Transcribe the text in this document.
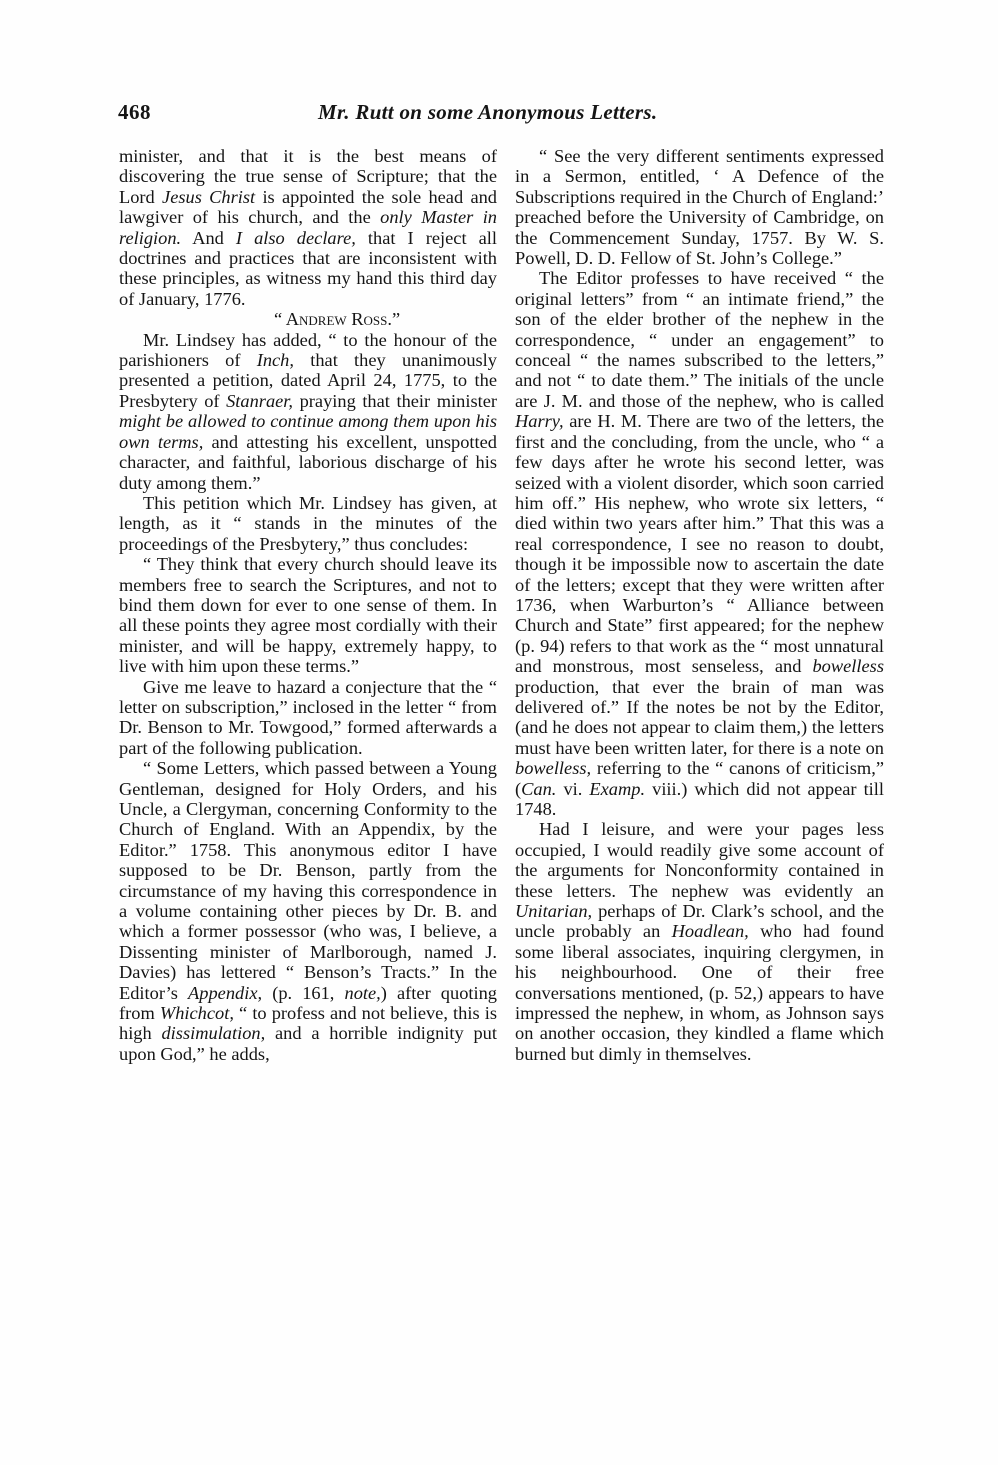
468	Mr. Rutt on some Anonymous Letters.

minister, and that it is the best means of discovering the true sense of Scripture; that the Lord Jesus Christ is appointed the sole head and lawgiver of his church, and the only Master in religion. And I also declare, that I reject all doctrines and practices that are inconsistent with these principles, as witness my hand this third day of January, 1776.

“ Andrew Ross.”

Mr. Lindsey has added, “ to the honour of the parishioners of Inch, that they unanimously presented a petition, dated April 24, 1775, to the Presbytery of Stanraer, praying that their minister might be allowed to continue among them upon his own terms, and attesting his excellent, unspotted character, and faithful, laborious discharge of his duty among them.”

This petition which Mr. Lindsey has given, at length, as it “ stands in the minutes of the proceedings of the Presbytery,” thus concludes:

“ They think that every church should leave its members free to search the Scriptures, and not to bind them down for ever to one sense of them. In all these points they agree most cordially with their minister, and will be happy, extremely happy, to live with him upon these terms.”

Give me leave to hazard a conjecture that the “ letter on subscription,” inclosed in the letter “ from Dr. Benson to Mr. Towgood,” formed afterwards a part of the following publication.

“ Some Letters, which passed between a Young Gentleman, designed for Holy Orders, and his Uncle, a Clergyman, concerning Conformity to the Church of England. With an Appendix, by the Editor.” 1758. This anonymous editor I have supposed to be Dr. Benson, partly from the circumstance of my having this correspondence in a volume containing other pieces by Dr. B. and which a former possessor (who was, I believe, a Dissenting minister of Marlborough, named J. Davies) has lettered “ Benson’s Tracts.” In the Editor’s Appendix, (p. 161, note,) after quoting from Whichcot, “ to profess and not believe, this is high dissimulation, and a horrible indignity put upon God,” he adds,

“ See the very different sentiments expressed in a Sermon, entitled, ‘ A Defence of the Subscriptions required in the Church of England:’ preached before the University of Cambridge, on the Commencement Sunday, 1757. By W. S. Powell, D. D. Fellow of St. John’s College.”

The Editor professes to have received “ the original letters” from “ an intimate friend,” the son of the elder brother of the nephew in the correspondence, “ under an engagement” to conceal “ the names subscribed to the letters,” and not “ to date them.” The initials of the uncle are J. M. and those of the nephew, who is called Harry, are H. M. There are two of the letters, the first and the concluding, from the uncle, who “ a few days after he wrote his second letter, was seized with a violent disorder, which soon carried him off.” His nephew, who wrote six letters, “ died within two years after him.” That this was a real correspondence, I see no reason to doubt, though it be impossible now to ascertain the date of the letters; except that they were written after 1736, when Warburton’s “ Alliance between Church and State” first appeared; for the nephew (p. 94) refers to that work as the “ most unnatural and monstrous, most senseless, and bowelless production, that ever the brain of man was delivered of.” If the notes be not by the Editor, (and he does not appear to claim them,) the letters must have been written later, for there is a note on bowelless, referring to the “ canons of criticism,” (Can. vi. Examp. viii.) which did not appear till 1748.

Had I leisure, and were your pages less occupied, I would readily give some account of the arguments for Nonconformity contained in these letters. The nephew was evidently an Unitarian, perhaps of Dr. Clark’s school, and the uncle probably an Hoadlean, who had found some liberal associates, inquiring clergymen, in his neighbourhood. One of their free conversations mentioned, (p. 52,) appears to have impressed the nephew, in whom, as Johnson says on another occasion, they kindled a flame which burned but dimly in themselves.
